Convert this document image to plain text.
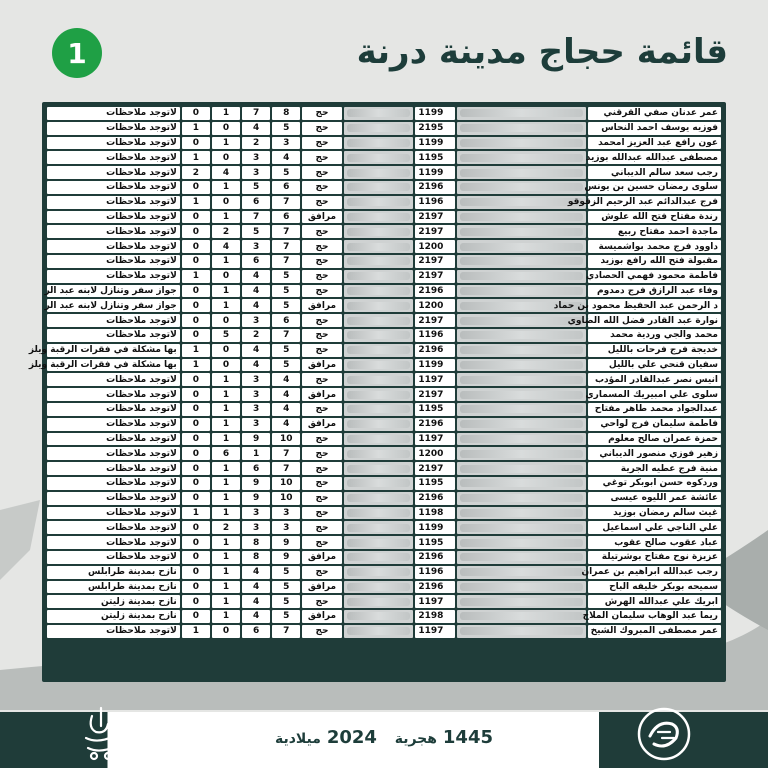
1	قائمة حجاج مدينة درنة
لاتوجد ملاحظات	0	1	7	8	حج		1199		عمر عدنان صفي القرقني
لاتوجد ملاحظات	1	0	4	5	حج		2195		فوزيه يوسف احمد النحاس
لاتوجد ملاحظات	0	1	2	3	حج		1199		عون رافع عبد العزيز امحمد
لاتوجد ملاحظات	1	0	3	4	حج		1195		مصطفى عبدالله عبدالله بوزيد
لاتوجد ملاحظات	2	4	3	5	حج		1199		رجب سعد سالم الديباني
لاتوجد ملاحظات	0	1	5	6	حج		2196		سلوى رمضان حسين بن يونس
لاتوجد ملاحظات	1	0	6	7	حج		1196		فرج عبدالدائم عبد الرحيم الزقوقو
لاتوجد ملاحظات	0	1	7	6	مرافق		2197		رندة مفتاح فتح الله علوش
لاتوجد ملاحظات	0	2	5	7	حج		2197		ماجدة احمد مفتاح ربيع
لاتوجد ملاحظات	0	4	3	7	حج		1200		داوود فرج محمد بواشميسة
لاتوجد ملاحظات	0	1	6	7	حج		2197		مقبولة فتح الله رافع بوزيد
لاتوجد ملاحظات	1	0	4	5	حج		2197		فاطمة محمود فهمي الحصادي
جواز سفر وتنازل لابنه عبد الر	0	1	4	5	حج		2196		وفاء عبد الرازق فرج دمدوم
جواز سفر وتنازل لابنه عبد الر	0	1	4	5	مرافق		1200		د الرحمن عبد الحفيظ محمود بن حماد
لاتوجد ملاحظات	0	0	3	6	حج		2197		نوارة عبد القادر فضل الله الضاوي
لاتوجد ملاحظات	0	5	2	7	حج		1196		محمد والجي وردية محمد
بها مشكلة في فقرات الرقبة ويلز	1	0	4	5	حج		2196		خديجة فرج فرحات بالليل
بها مشكلة في فقرات الرقبة ويلز	1	0	4	5	مرافق		1199		سفيان قنحي علي بالليل
لاتوجد ملاحظات	0	1	3	4	حج		1197		انيس نصر عبدالقادر المؤدب
لاتوجد ملاحظات	0	1	3	4	مرافق		2197		سلوى علي امبيريك المسماري
لاتوجد ملاحظات	0	1	3	4	حج		1195		عبدالجواد محمد طاهر مفتاح
لاتوجد ملاحظات	0	1	3	4	مرافق		2196		فاطمة سليمان فرج لواحي
لاتوجد ملاحظات	0	1	9	10	حج		1197		حمزة عمران صالح معلوم
لاتوجد ملاحظات	0	6	1	7	حج		1200		زهير فوزي منصور الديباني
لاتوجد ملاحظات	0	1	6	7	حج		2197		منية فرج عطيه الجرية
لاتوجد ملاحظات	0	1	9	10	حج		1195		وردكوه حسن ابوبكر توغي
لاتوجد ملاحظات	0	1	9	10	حج		2196		عائشة عمر الليوه عيسى
لاتوجد ملاحظات	1	1	3	3	حج		1198		غيث سالم رمضان بوزيد
لاتوجد ملاحظات	0	2	3	3	حج		1199		علي الناجي علي اسماعيل
لاتوجد ملاحظات	0	1	8	9	حج		1195		عباد عقوب صالح عقوب
لاتوجد ملاحظات	0	1	8	9	مرافق		2196		عزيزة نوح مفتاح بوشرتيلة
نازح بمدينة طرابلس	0	1	4	5	حج		1196		رجب عبدالله ابراهيم بن عمران
نازح بمدينة طرابلس	0	1	4	5	مرافق		2196		سميحه بوبكر خليفه الباح
نازح بمدينة زليتن	0	1	4	5	حج		1197		ابريك علي عبدالله الهرش
نازح بمدينة زليتن	0	1	4	5	مرافق		2198		ريما عبد الوهاب سليمان الملاح
لاتوجد ملاحظات	1	0	6	7	حج		1197		عمر مصطفى المبروك الشيخ
1445 هجرية   2024 ميلادية
